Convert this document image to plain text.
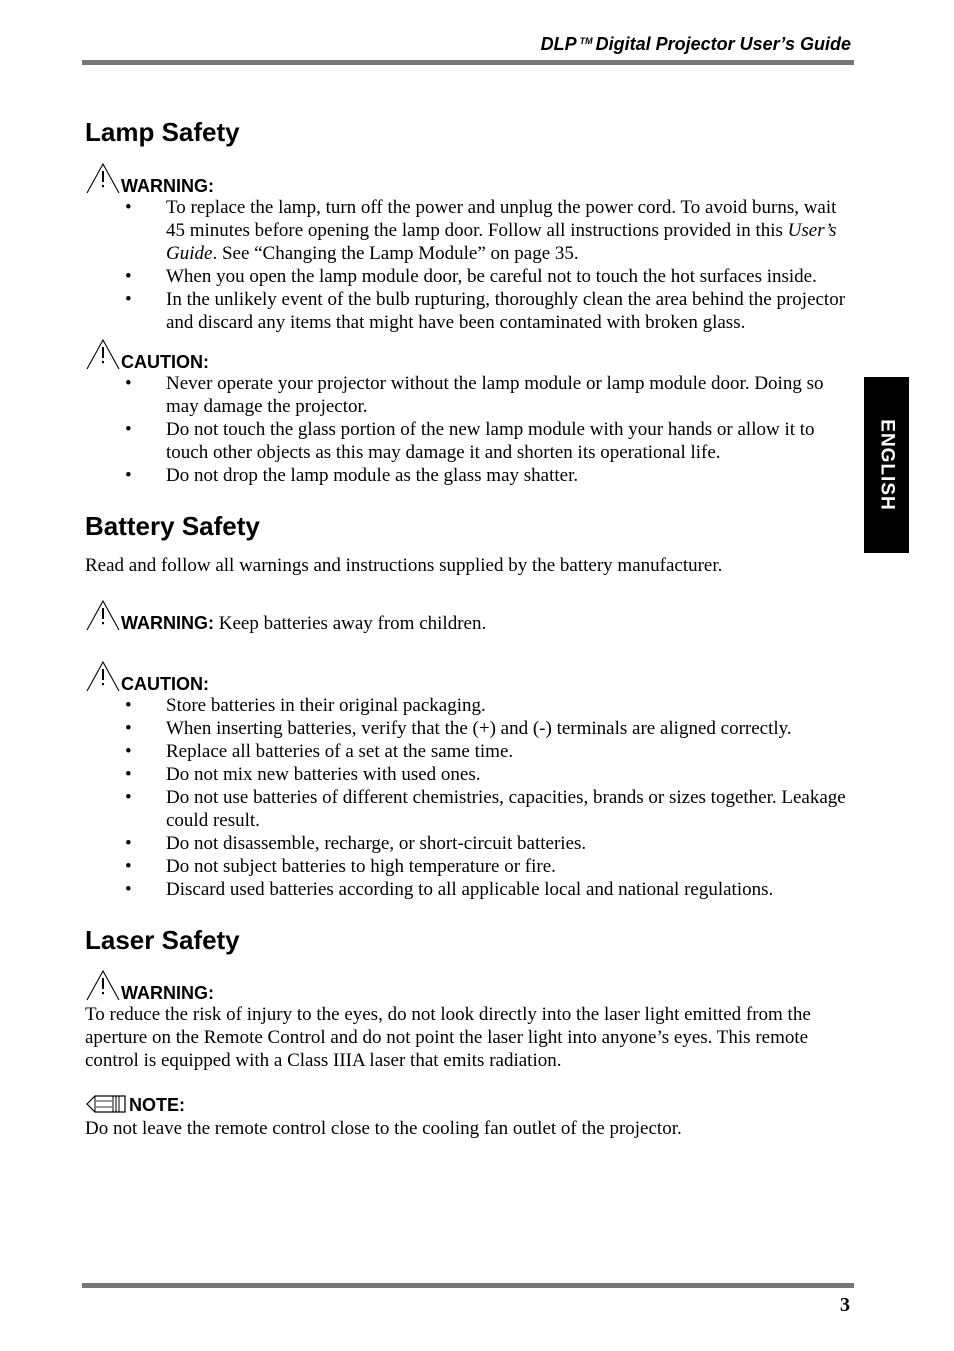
DLP ™ Digital Projector User’s Guide
ENGLISH
Lamp Safety
WARNING:
• To replace the lamp, turn off the power and unplug the power cord. To avoid burns, wait 45 minutes before opening the lamp door. Follow all instructions provided in this User’s Guide. See “Changing the Lamp Module” on page 35.
• When you open the lamp module door, be careful not to touch the hot surfaces inside.
• In the unlikely event of the bulb rupturing, thoroughly clean the area behind the projector and discard any items that might have been contaminated with broken glass.
CAUTION:
• Never operate your projector without the lamp module or lamp module door. Doing so may damage the projector.
• Do not touch the glass portion of the new lamp module with your hands or allow it to touch other objects as this may damage it and shorten its operational life.
• Do not drop the lamp module as the glass may shatter.
Battery Safety

Read and follow all warnings and instructions supplied by the battery manufacturer.

WARNING: Keep batteries away from children.
CAUTION:
• Store batteries in their original packaging.
• When inserting batteries, verify that the (+) and (-) terminals are aligned correctly.
• Replace all batteries of a set at the same time.
• Do not mix new batteries with used ones.
• Do not use batteries of different chemistries, capacities, brands or sizes together. Leakage could result.
• Do not disassemble, recharge, or short-circuit batteries.
• Do not subject batteries to high temperature or fire.
• Discard used batteries according to all applicable local and national regulations.
Laser Safety
WARNING:

To reduce the risk of injury to the eyes, do not look directly into the laser light emitted from the aperture on the Remote Control and do not point the laser light into anyone’s eyes. This remote control is equipped with a Class IIIA laser that emits radiation.

NOTE:

Do not leave the remote control close to the cooling fan outlet of the projector.

3
